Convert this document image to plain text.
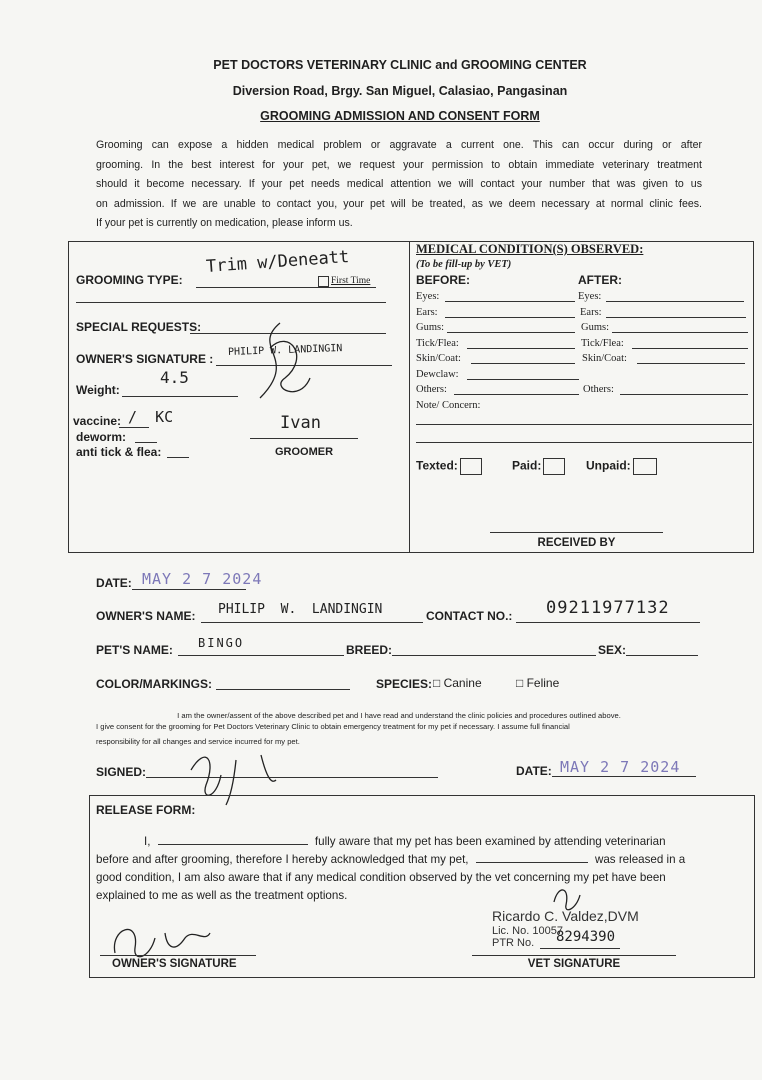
PET DOCTORS VETERINARY CLINIC and GROOMING CENTER
Diversion Road, Brgy. San Miguel, Calasiao, Pangasinan
GROOMING ADMISSION AND CONSENT FORM
Grooming can expose a hidden medical problem or aggravate a current one. This can occur during or after
grooming. In the best interest for your pet, we request your permission to obtain immediate veterinary treatment
should it become necessary. If your pet needs medical attention we will contact your number that was given to us
on admission. If we are unable to contact you, your pet will be treated, as we deem necessary at normal clinic fees.
If your pet is currently on medication, please inform us.
GROOMING TYPE:
Trim w/Deneatt
First Time
SPECIAL REQUESTS:
OWNER'S SIGNATURE :
PHILIP W. LANDINGIN
Weight:
4.5
vaccine: /  KC
deworm:
anti tick & flea:
Ivan
GROOMER
MEDICAL CONDITION(S) OBSERVED:
(To be fill-up by VET)
BEFORE:	AFTER:
Eyes:	Eyes:
Ears:	Ears:
Gums:	Gums:
Tick/Flea:	Tick/Flea:
Skin/Coat:	Skin/Coat:
Dewclaw:
Others:	Others:
Note/ Concern:
Texted:	Paid:	Unpaid:
RECEIVED BY
DATE: MAY 2 7 2024
OWNER'S NAME: PHILIP  W.  LANDINGIN	CONTACT NO.: 09211977132
PET'S NAME: BINGO	BREED:	SEX:
COLOR/MARKINGS:	SPECIES: □ Canine	□ Feline
I am the owner/assent of the above described pet and I have read and understand the clinic policies and procedures outlined above.
I give consent for the grooming for Pet Doctors Veterinary Clinic to obtain emergency treatment for my pet if necessary. I assume full financial
responsibility for all changes and service incurred for my pet.
SIGNED:	DATE: MAY 2 7 2024
RELEASE FORM:
I,	fully aware that my pet has been examined by attending veterinarian
before and after grooming, therefore I hereby acknowledged that my pet,	was released in a
good condition, I am also aware that if any medical condition observed by the vet concerning my pet have been
explained to me as well as the treatment options.
OWNER'S SIGNATURE
Ricardo C. Valdez,DVM
Lic. No. 10057
PTR No. 8294390
VET SIGNATURE
